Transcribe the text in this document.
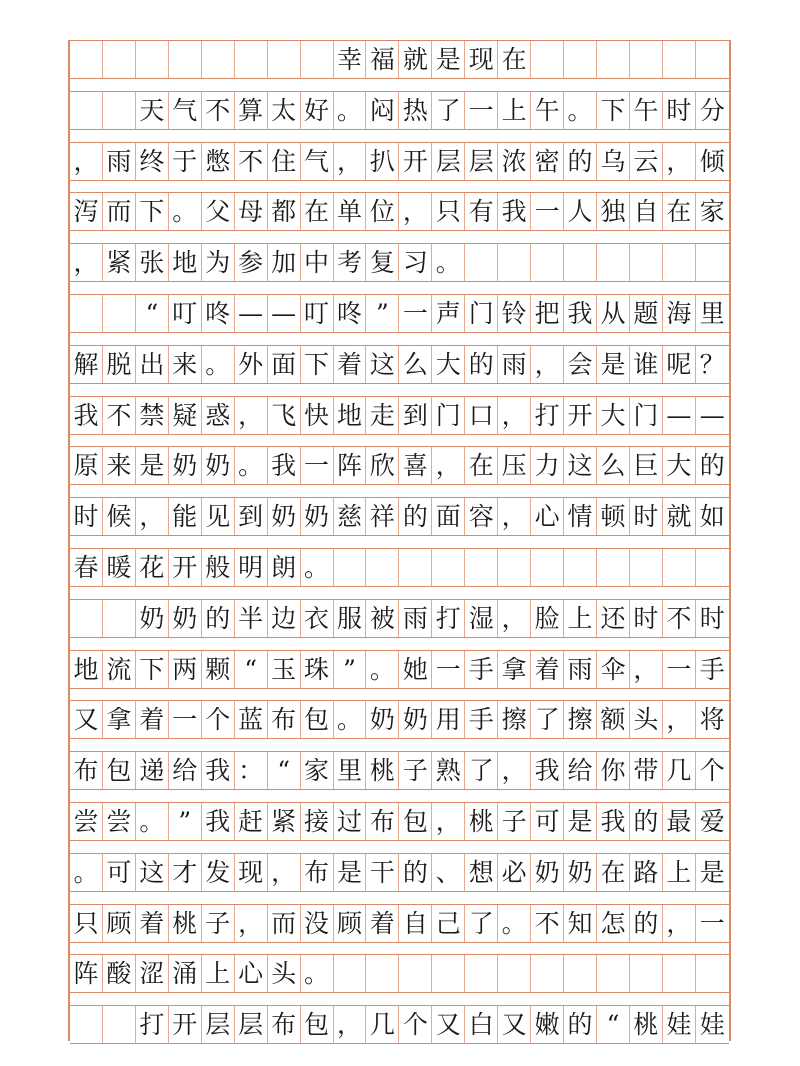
幸 福 就 是 现 在
天 气 不 算 太 好 。 闷 热 了 一 上 午 。 下 午 时 分
， 雨 终 于 憋 不 住 气 ， 扒 开 层 层 浓 密 的 乌 云 ， 倾
泻 而 下 。 父 母 都 在 单 位 ， 只 有 我 一 人 独 自 在 家
， 紧 张 地 为 参 加 中 考 复 习 。
“ 叮 咚 — — 叮 咚 ” 一 声 门 铃 把 我 从 题 海 里
解 脱 出 来 。 外 面 下 着 这 么 大 的 雨 ， 会 是 谁 呢 ？
我 不 禁 疑 惑 ， 飞 快 地 走 到 门 口 ， 打 开 大 门 — —
原 来 是 奶 奶 。 我 一 阵 欣 喜 ， 在 压 力 这 么 巨 大 的
时 候 ， 能 见 到 奶 奶 慈 祥 的 面 容 ， 心 情 顿 时 就 如
春 暖 花 开 般 明 朗 。
奶 奶 的 半 边 衣 服 被 雨 打 湿 ， 脸 上 还 时 不 时
地 流 下 两 颗 “ 玉 珠 ” 。 她 一 手 拿 着 雨 伞 ， 一 手
又 拿 着 一 个 蓝 布 包 。 奶 奶 用 手 擦 了 擦 额 头 ， 将
布 包 递 给 我 ： “ 家 里 桃 子 熟 了 ， 我 给 你 带 几 个
尝 尝 。 ” 我 赶 紧 接 过 布 包 ， 桃 子 可 是 我 的 最 爱
。 可 这 才 发 现 ， 布 是 干 的 、 想 必 奶 奶 在 路 上 是
只 顾 着 桃 子 ， 而 没 顾 着 自 己 了 。 不 知 怎 的 ， 一
阵 酸 涩 涌 上 心 头 。
打 开 层 层 布 包 ， 几 个 又 白 又 嫩 的 “ 桃 娃 娃
